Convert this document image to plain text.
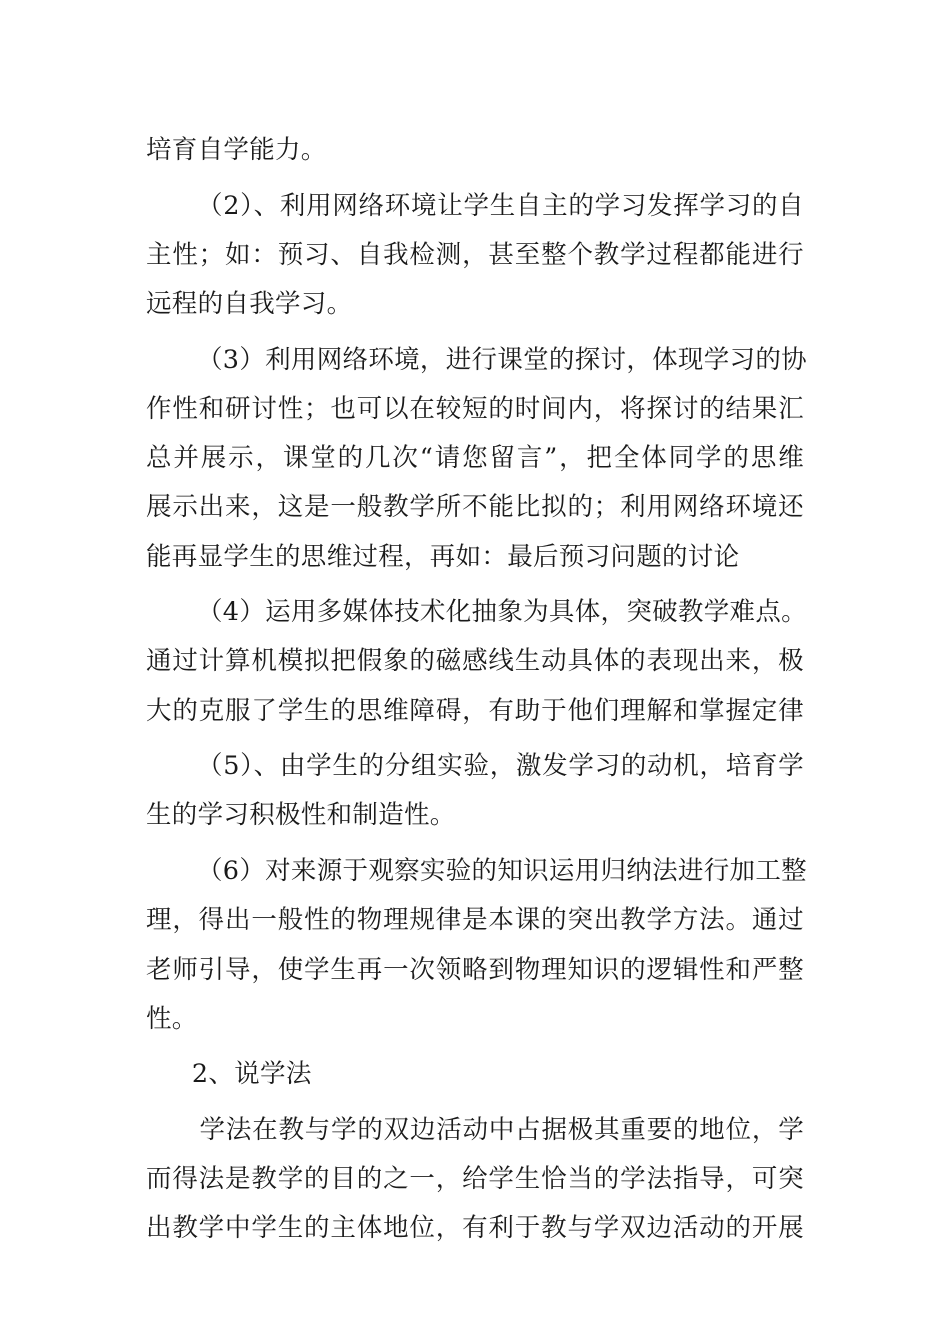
培育自学能力。
（2）、利用网络环境让学生自主的学习发挥学习的自
主性；如：预习、自我检测，甚至整个教学过程都能进行
远程的自我学习。
（3）利用网络环境，进行课堂的探讨，体现学习的协
作性和研讨性；也可以在较短的时间内，将探讨的结果汇
总并展示，课堂的几次“请您留言”，把全体同学的思维
展示出来，这是一般教学所不能比拟的；利用网络环境还
能再显学生的思维过程，再如：最后预习问题的讨论
（4）运用多媒体技术化抽象为具体，突破教学难点。
通过计算机模拟把假象的磁感线生动具体的表现出来，极
大的克服了学生的思维障碍，有助于他们理解和掌握定律
（5）、由学生的分组实验，激发学习的动机，培育学
生的学习积极性和制造性。
（6）对来源于观察实验的知识运用归纳法进行加工整
理，得出一般性的物理规律是本课的突出教学方法。通过
老师引导，使学生再一次领略到物理知识的逻辑性和严整
性。
2、说学法
学法在教与学的双边活动中占据极其重要的地位，学
而得法是教学的目的之一，给学生恰当的学法指导，可突
出教学中学生的主体地位，有利于教与学双边活动的开展
